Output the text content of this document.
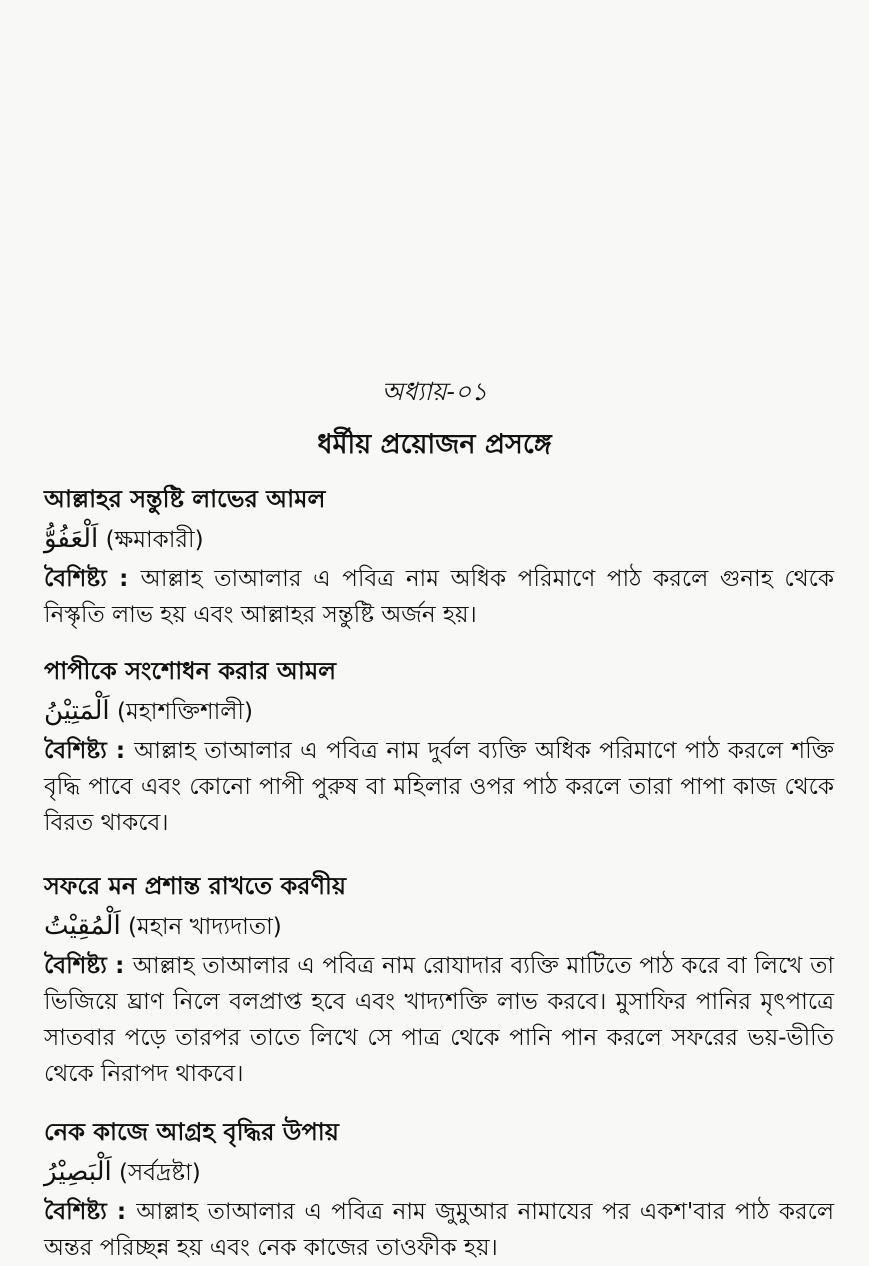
অধ্যায়-০১
ধর্মীয় প্রয়োজন প্রসঙ্গে
আল্লাহর সন্তুষ্টি লাভের আমল
اَلْعَفُوُّ (ক্ষমাকারী)
বৈশিষ্ট্য : আল্লাহ তাআলার এ পবিত্র নাম অধিক পরিমাণে পাঠ করলে গুনাহ থেকে নিস্কৃতি লাভ হয় এবং আল্লাহর সন্তুষ্টি অর্জন হয়।
পাপীকে সংশোধন করার আমল
اَلْمَتِيْنُ (মহাশক্তিশালী)
বৈশিষ্ট্য : আল্লাহ তাআলার এ পবিত্র নাম দুর্বল ব্যক্তি অধিক পরিমাণে পাঠ করলে শক্তি বৃদ্ধি পাবে এবং কোনো পাপী পুরুষ বা মহিলার ওপর পাঠ করলে তারা পাপা কাজ থেকে বিরত থাকবে।
সফরে মন প্রশান্ত রাখতে করণীয়
اَلْمُقِيْتُ (মহান খাদ্যদাতা)
বৈশিষ্ট্য : আল্লাহ তাআলার এ পবিত্র নাম রোযাদার ব্যক্তি মাটিতে পাঠ করে বা লিখে তা ভিজিয়ে ঘ্রাণ নিলে বলপ্রাপ্ত হবে এবং খাদ্যশক্তি লাভ করবে। মুসাফির পানির মৃৎপাত্রে সাতবার পড়ে তারপর তাতে লিখে সে পাত্র থেকে পানি পান করলে সফরের ভয়-ভীতি থেকে নিরাপদ থাকবে।
নেক কাজে আগ্রহ বৃদ্ধির উপায়
اَلْبَصِيْرُ (সর্বদ্রষ্টা)
বৈশিষ্ট্য : আল্লাহ তাআলার এ পবিত্র নাম জুমুআর নামাযের পর একশ'বার পাঠ করলে অন্তর পরিচ্ছন্ন হয় এবং নেক কাজের তাওফীক হয়।
